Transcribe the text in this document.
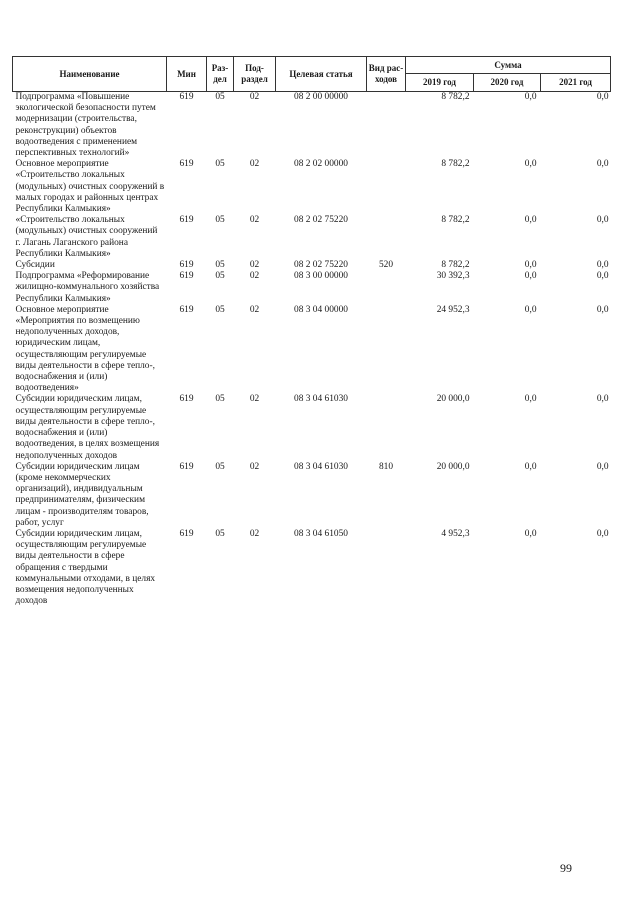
Наименование	Мин	Раз-дел	Под-раздел	Целевая статья	Вид рас-ходов	Сумма		
						2019 год	2020 год	2021 год
Подпрограмма «Повышение экологической безопасности путем модернизации (строительства, реконструкции) объектов водоотведения с применением перспективных технологий»	619	05	02	08 2 00 00000		8 782,2	0,0	0,0
Основное мероприятие «Строительство локальных (модульных) очистных сооружений в малых городах и районных центрах Республики Калмыкия»	619	05	02	08 2 02 00000		8 782,2	0,0	0,0
«Строительство локальных (модульных) очистных сооружений г. Лагань Лаганского района Республики Калмыкия»	619	05	02	08 2 02 75220		8 782,2	0,0	0,0
Субсидии	619	05	02	08 2 02 75220	520	8 782,2	0,0	0,0
Подпрограмма «Реформирование жилищно-коммунального хозяйства Республики Калмыкия»	619	05	02	08 3 00 00000		30 392,3	0,0	0,0
Основное мероприятие «Мероприятия по возмещению недополученных доходов, юридическим лицам, осуществляющим регулируемые виды деятельности в сфере тепло-, водоснабжения и (или) водоотведения»	619	05	02	08 3 04 00000		24 952,3	0,0	0,0
Субсидии юридическим лицам, осуществляющим регулируемые виды деятельности в сфере тепло-, водоснабжения и (или) водоотведения, в целях возмещения недополученных доходов	619	05	02	08 3 04 61030		20 000,0	0,0	0,0
Субсидии юридическим лицам (кроме некоммерческих организаций), индивидуальным предпринимателям, физическим лицам - производителям товаров, работ, услуг	619	05	02	08 3 04 61030	810	20 000,0	0,0	0,0
Субсидии юридическим лицам, осуществляющим регулируемые виды деятельности в сфере обращения с твердыми коммунальными отходами, в целях возмещения недополученных доходов	619	05	02	08 3 04 61050		4 952,3	0,0	0,0
99
